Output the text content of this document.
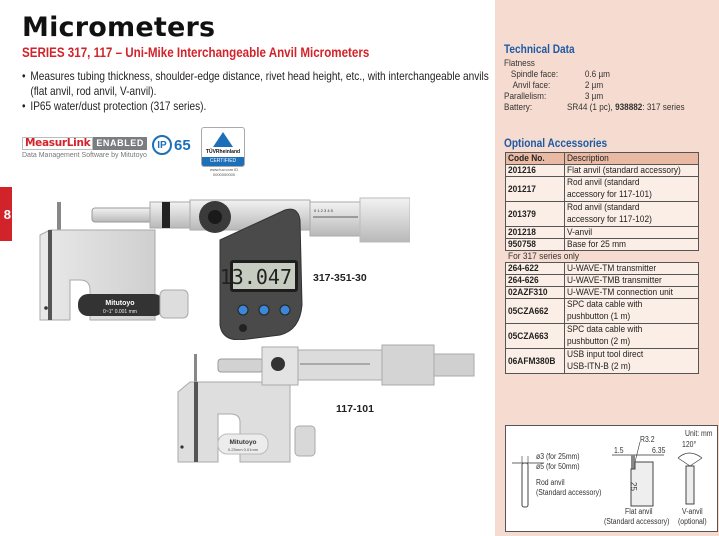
Micrometers
SERIES 317, 117 – Uni-Mike Interchangeable Anvil Micrometers
• Measures tubing thickness, shoulder-edge distance, rivet head height, etc., with interchangeable anvils (flat anvil, rod anvil, V-anvil).
• IP65 water/dust protection (317 series).
8
MeasurLink ENABLED
Data Management Software by Mitutoyo
IP 65	TÜVRheinland
CERTIFIED
www.tuv.com ID 0000000000
Mitutoyo
0~1" 0.001 mm
0 1 2 3 4 5
13.047 317-351-30
Mitutoyo
0-25mm 0.01mm
117-101
Technical Data
Flatness
Spindle face:	0.6 µm
Anvil face:	2 µm
Parallelism:	3 µm
Battery:	SR44 (1 pc), 938882: 317 series
Optional Accessories
Code No.	Description
201216	Flat anvil (standard accessory)
201217	Rod anvil (standard accessory for 117-101)

201379	Rod anvil (standard accessory for 117-102)

201218	V-anvil
950758	Base for 25 mm
For 317 series only	
264-622	U-WAVE-TM transmitter
264-626	U-WAVE-TMB transmitter
02AZF310	U-WAVE-TM connection unit
05CZA662	SPC data cable with pushbutton (1 m)

05CZA663	SPC data cable with pushbutton (2 m)

06AFM380B	USB input tool direct USB-ITN-B (2 m)
Unit: mm
ø3 (for 25mm)
ø5 (for 50mm)
Rod anvil
(Standard accessory)
R3.2
1.5	6.35
25
Flat anvil
(Standard accessory)
120°
V-anvil
(optional)
